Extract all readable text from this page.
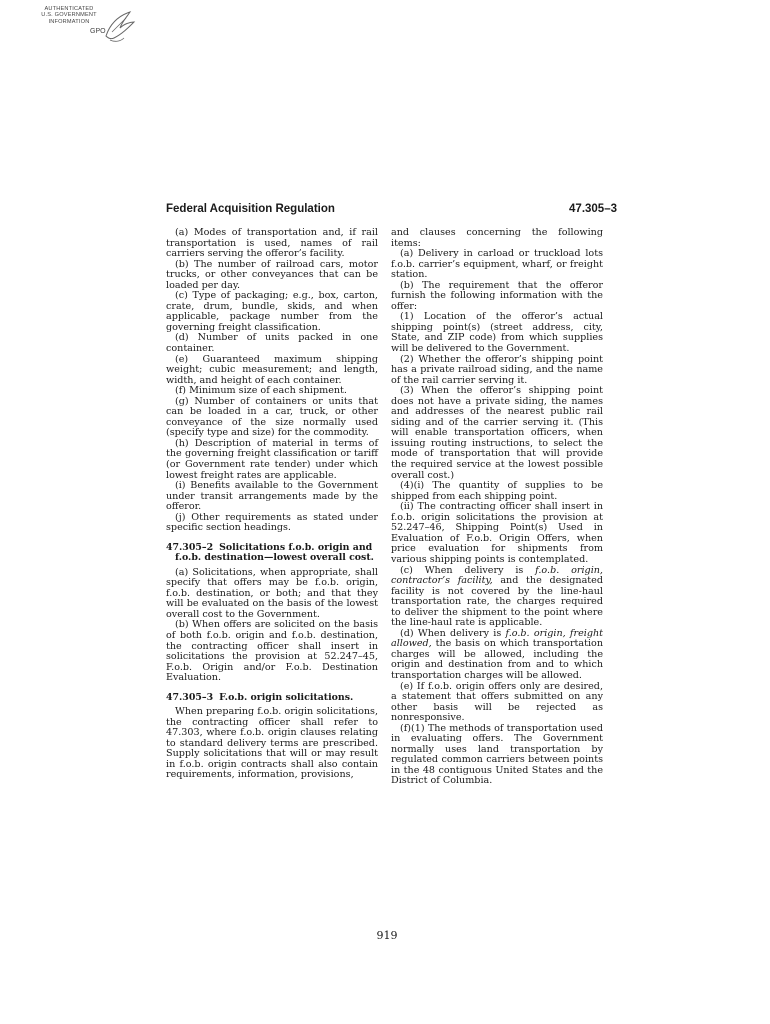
AUTHENTICATED
U.S. GOVERNMENT
INFORMATION
GPO
Federal Acquisition Regulation	47.305–3

(a) Modes of transportation and, if rail transportation is used, names of rail carriers serving the offeror’s facility.

(b) The number of railroad cars, motor trucks, or other conveyances that can be loaded per day.

(c) Type of packaging; e.g., box, carton, crate, drum, bundle, skids, and when applicable, package number from the governing freight classification.

(d) Number of units packed in one container.

(e) Guaranteed maximum shipping weight; cubic measurement; and length, width, and height of each container.

(f) Minimum size of each shipment.

(g) Number of containers or units that can be loaded in a car, truck, or other conveyance of the size normally used (specify type and size) for the commodity.

(h) Description of material in terms of the governing freight classification or tariff (or Government rate tender) under which lowest freight rates are applicable.

(i) Benefits available to the Government under transit arrangements made by the offeror.

(j) Other requirements as stated under specific section headings.

47.305–2 Solicitations f.o.b. origin and f.o.b. destination—lowest overall cost.

(a) Solicitations, when appropriate, shall specify that offers may be f.o.b. origin, f.o.b. destination, or both; and that they will be evaluated on the basis of the lowest overall cost to the Government.

(b) When offers are solicited on the basis of both f.o.b. origin and f.o.b. destination, the contracting officer shall insert in solicitations the provision at 52.247–45, F.o.b. Origin and/or F.o.b. Destination Evaluation.

47.305–3 F.o.b. origin solicitations.

When preparing f.o.b. origin solicitations, the contracting officer shall refer to 47.303, where f.o.b. origin clauses relating to standard delivery terms are prescribed. Supply solicitations that will or may result in f.o.b. origin contracts shall also contain requirements, information, provisions,

and clauses concerning the following items:

(a) Delivery in carload or truckload lots f.o.b. carrier’s equipment, wharf, or freight station.

(b) The requirement that the offeror furnish the following information with the offer:

(1) Location of the offeror’s actual shipping point(s) (street address, city, State, and ZIP code) from which supplies will be delivered to the Government.

(2) Whether the offeror’s shipping point has a private railroad siding, and the name of the rail carrier serving it.

(3) When the offeror’s shipping point does not have a private siding, the names and addresses of the nearest public rail siding and of the carrier serving it. (This will enable transportation officers, when issuing routing instructions, to select the mode of transportation that will provide the required service at the lowest possible overall cost.)

(4)(i) The quantity of supplies to be shipped from each shipping point.

(ii) The contracting officer shall insert in f.o.b. origin solicitations the provision at 52.247–46, Shipping Point(s) Used in Evaluation of F.o.b. Origin Offers, when price evaluation for shipments from various shipping points is contemplated.

(c) When delivery is f.o.b. origin, contractor’s facility, and the designated facility is not covered by the line-haul transportation rate, the charges required to deliver the shipment to the point where the line-haul rate is applicable.

(d) When delivery is f.o.b. origin, freight allowed, the basis on which transportation charges will be allowed, including the origin and destination from and to which transportation charges will be allowed.

(e) If f.o.b. origin offers only are desired, a statement that offers submitted on any other basis will be rejected as nonresponsive.

(f)(1) The methods of transportation used in evaluating offers. The Government normally uses land transportation by regulated common carriers between points in the 48 contiguous United States and the District of Columbia.

919
